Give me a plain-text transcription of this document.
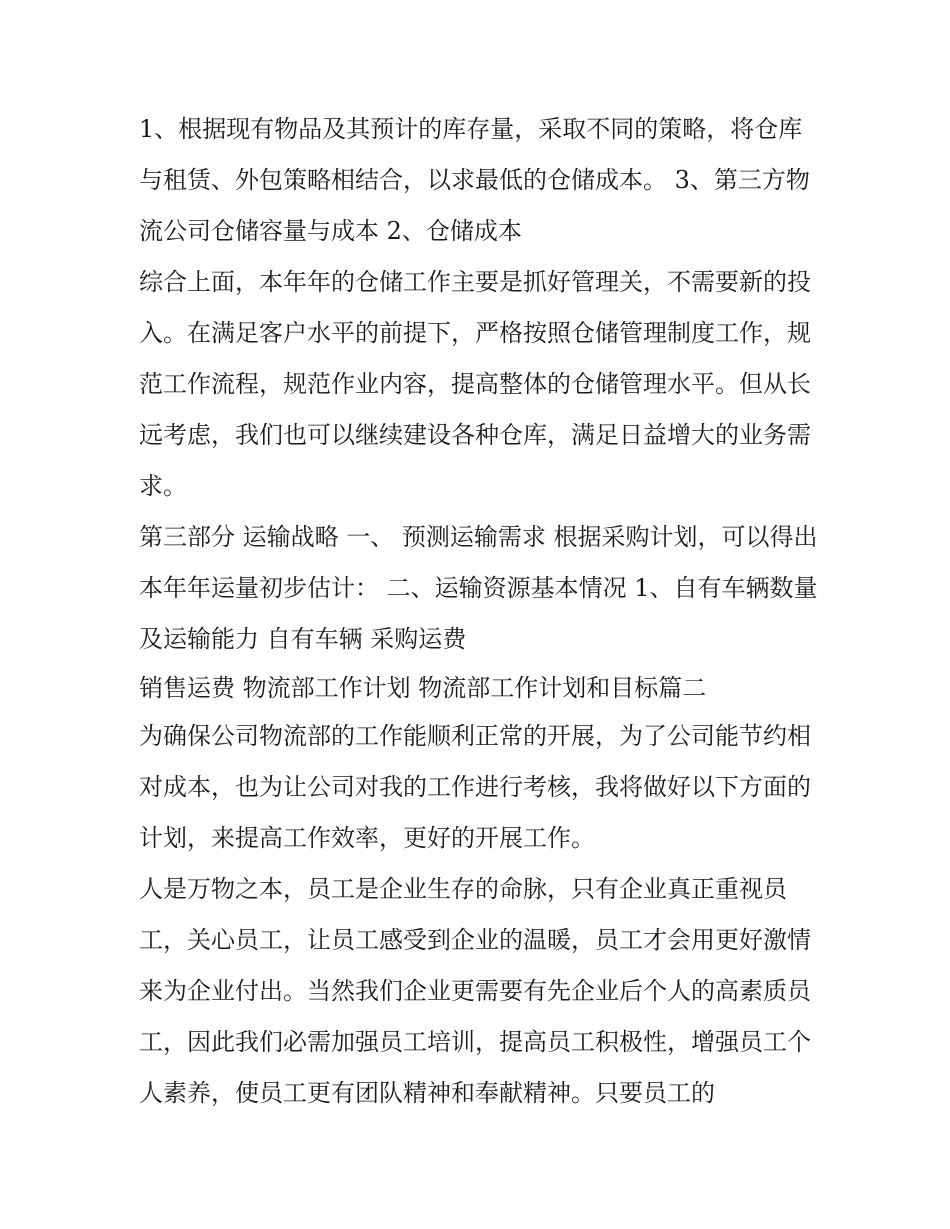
1、根据现有物品及其预计的库存量，采取不同的策略，将仓库与租赁、外包策略相结合，以求最低的仓储成本。 3、第三方物流公司仓储容量与成本 2、仓储成本

综合上面，本年年的仓储工作主要是抓好管理关，不需要新的投入。在满足客户水平的前提下，严格按照仓储管理制度工作，规范工作流程，规范作业内容，提高整体的仓储管理水平。但从长远考虑，我们也可以继续建设各种仓库，满足日益增大的业务需求。

第三部分 运输战略 一、 预测运输需求 根据采购计划，可以得出本年年运量初步估计： 二、运输资源基本情况 1、自有车辆数量及运输能力 自有车辆 采购运费

销售运费 物流部工作计划 物流部工作计划和目标篇二

为确保公司物流部的工作能顺利正常的开展，为了公司能节约相对成本，也为让公司对我的工作进行考核，我将做好以下方面的计划，来提高工作效率，更好的开展工作。

人是万物之本，员工是企业生存的命脉，只有企业真正重视员工，关心员工，让员工感受到企业的温暖，员工才会用更好激情来为企业付出。当然我们企业更需要有先企业后个人的高素质员工，因此我们必需加强员工培训，提高员工积极性，增强员工个人素养，使员工更有团队精神和奉献精神。只要员工的
